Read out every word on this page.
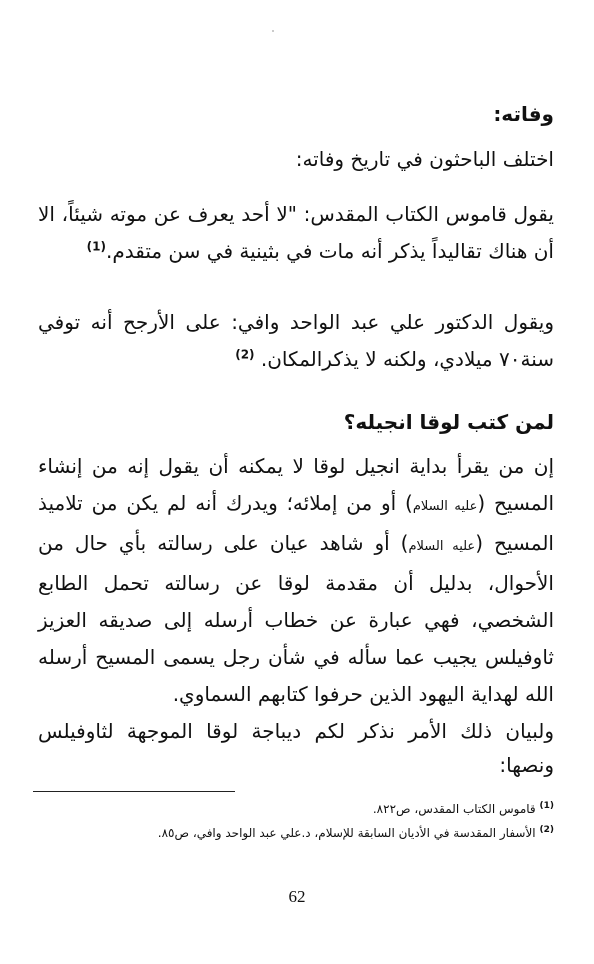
وفاته:
اختلف الباحثون في تاريخ وفاته:
يقول قاموس الكتاب المقدس: "لا أحد يعرف عن موته شيئاً، الا أن هناك تقاليداً يذكر أنه مات في بثينية في سن متقدم.$^{(1)}$
ويقول الدكتور علي عبد الواحد وافي: على الأرجح أنه توفي سنة٧٠ ميلادي، ولكنه لا يذكرالمكان. $^{(2)}$
لمن كتب لوقا انجيله؟
إن من يقرأ بداية انجيل لوقا لا يمكنه أن يقول إنه من إنشاء المسيح (عليه السلام) أو من إملائه؛ ويدرك أنه لم يكن من تلاميذ المسيح (عليه السلام) أو شاهد عيان على رسالته بأي حال من الأحوال، بدليل أن مقدمة لوقا عن رسالته تحمل الطابع الشخصي، فهي عبارة عن خطاب أرسله إلى صديقه العزيز ثاوفيلس يجيب عما سأله في شأن رجل يسمى المسيح أرسله الله لهداية اليهود الذين حرفوا كتابهم السماوي.
ولبيان ذلك الأمر نذكر لكم ديباجة لوقا الموجهة لثاوفيلس ونصها:
$^{(1)}$ قاموس الكتاب المقدس، ص٨٢٢.
$^{(2)}$ الأسفار المقدسة في الأديان السابقة للإسلام، د.علي عبد الواحد وافي، ص٨٥.
62
